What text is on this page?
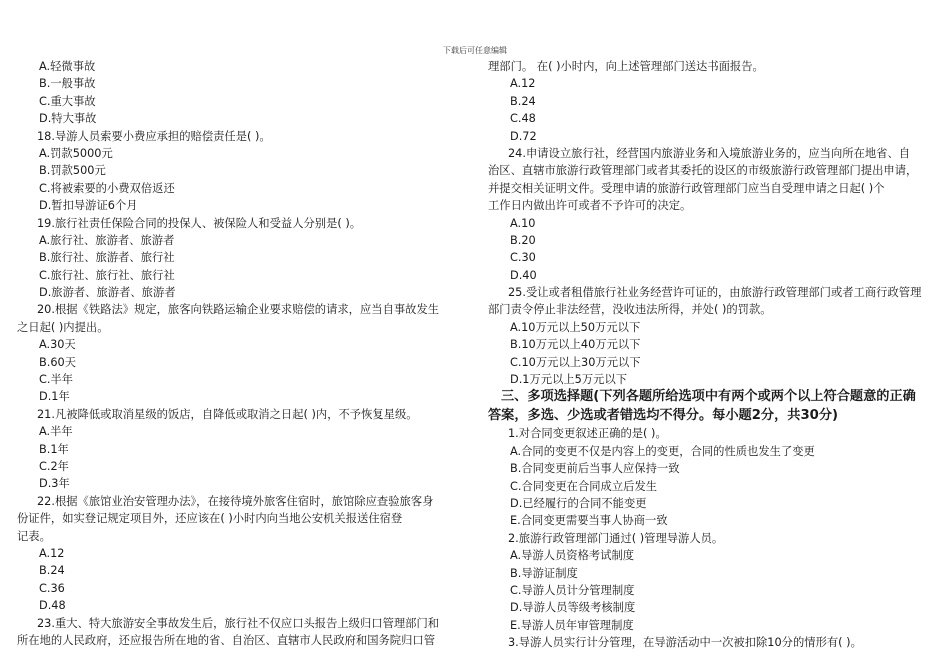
下载后可任意编辑
A.轻微事故
B.一般事故
C.重大事故
D.特大事故
18.导游人员索要小费应承担的赔偿责任是( )。
A.罚款5000元
B.罚款500元
C.将被索要的小费双倍返还
D.暂扣导游证6个月
19.旅行社责任保险合同的投保人、被保险人和受益人分别是( )。
A.旅行社、旅游者、旅游者
B.旅行社、旅游者、旅行社
C.旅行社、旅行社、旅行社
D.旅游者、旅游者、旅游者
20.根据《铁路法》规定，旅客向铁路运输企业要求赔偿的请求，应当自事故发生
之日起( )内提出。
A.30天
B.60天
C.半年
D.1年
21.凡被降低或取消星级的饭店，自降低或取消之日起( )内，不予恢复星级。
A.半年
B.1年
C.2年
D.3年
22.根据《旅馆业治安管理办法》，在接待境外旅客住宿时，旅馆除应查验旅客身
份证件，如实登记规定项目外，还应该在( )小时内向当地公安机关报送住宿登
记表。
A.12
B.24
C.36
D.48
23.重大、特大旅游安全事故发生后，旅行社不仅应口头报告上级归口管理部门和
所在地的人民政府，还应报告所在地的省、自治区、直辖市人民政府和国务院归口管
理部门。 在( )小时内，向上述管理部门送达书面报告。
A.12
B.24
C.48
D.72
24.申请设立旅行社，经营国内旅游业务和入境旅游业务的，应当向所在地省、自
治区、直辖市旅游行政管理部门或者其委托的设区的市级旅游行政管理部门提出申请，
并提交相关证明文件。受理申请的旅游行政管理部门应当自受理申请之日起( )个
工作日内做出许可或者不予许可的决定。
A.10
B.20
C.30
D.40
25.受让或者租借旅行社业务经营许可证的，由旅游行政管理部门或者工商行政管理
部门责令停止非法经营，没收违法所得，并处( )的罚款。
A.10万元以上50万元以下
B.10万元以上40万元以下
C.10万元以上30万元以下
D.1万元以上5万元以下
三、多项选择题(下列各题所给选项中有两个或两个以上符合题意的正确
答案，多选、少选或者错选均不得分。每小题2分，共30分)
1.对合同变更叙述正确的是( )。
A.合同的变更不仅是内容上的变更，合同的性质也发生了变更
B.合同变更前后当事人应保持一致
C.合同变更在合同成立后发生
D.已经履行的合同不能变更
E.合同变更需要当事人协商一致
2.旅游行政管理部门通过( )管理导游人员。
A.导游人员资格考试制度
B.导游证制度
C.导游人员计分管理制度
D.导游人员等级考核制度
E.导游人员年审管理制度
3.导游人员实行计分管理，在导游活动中一次被扣除10分的情形有( )。
